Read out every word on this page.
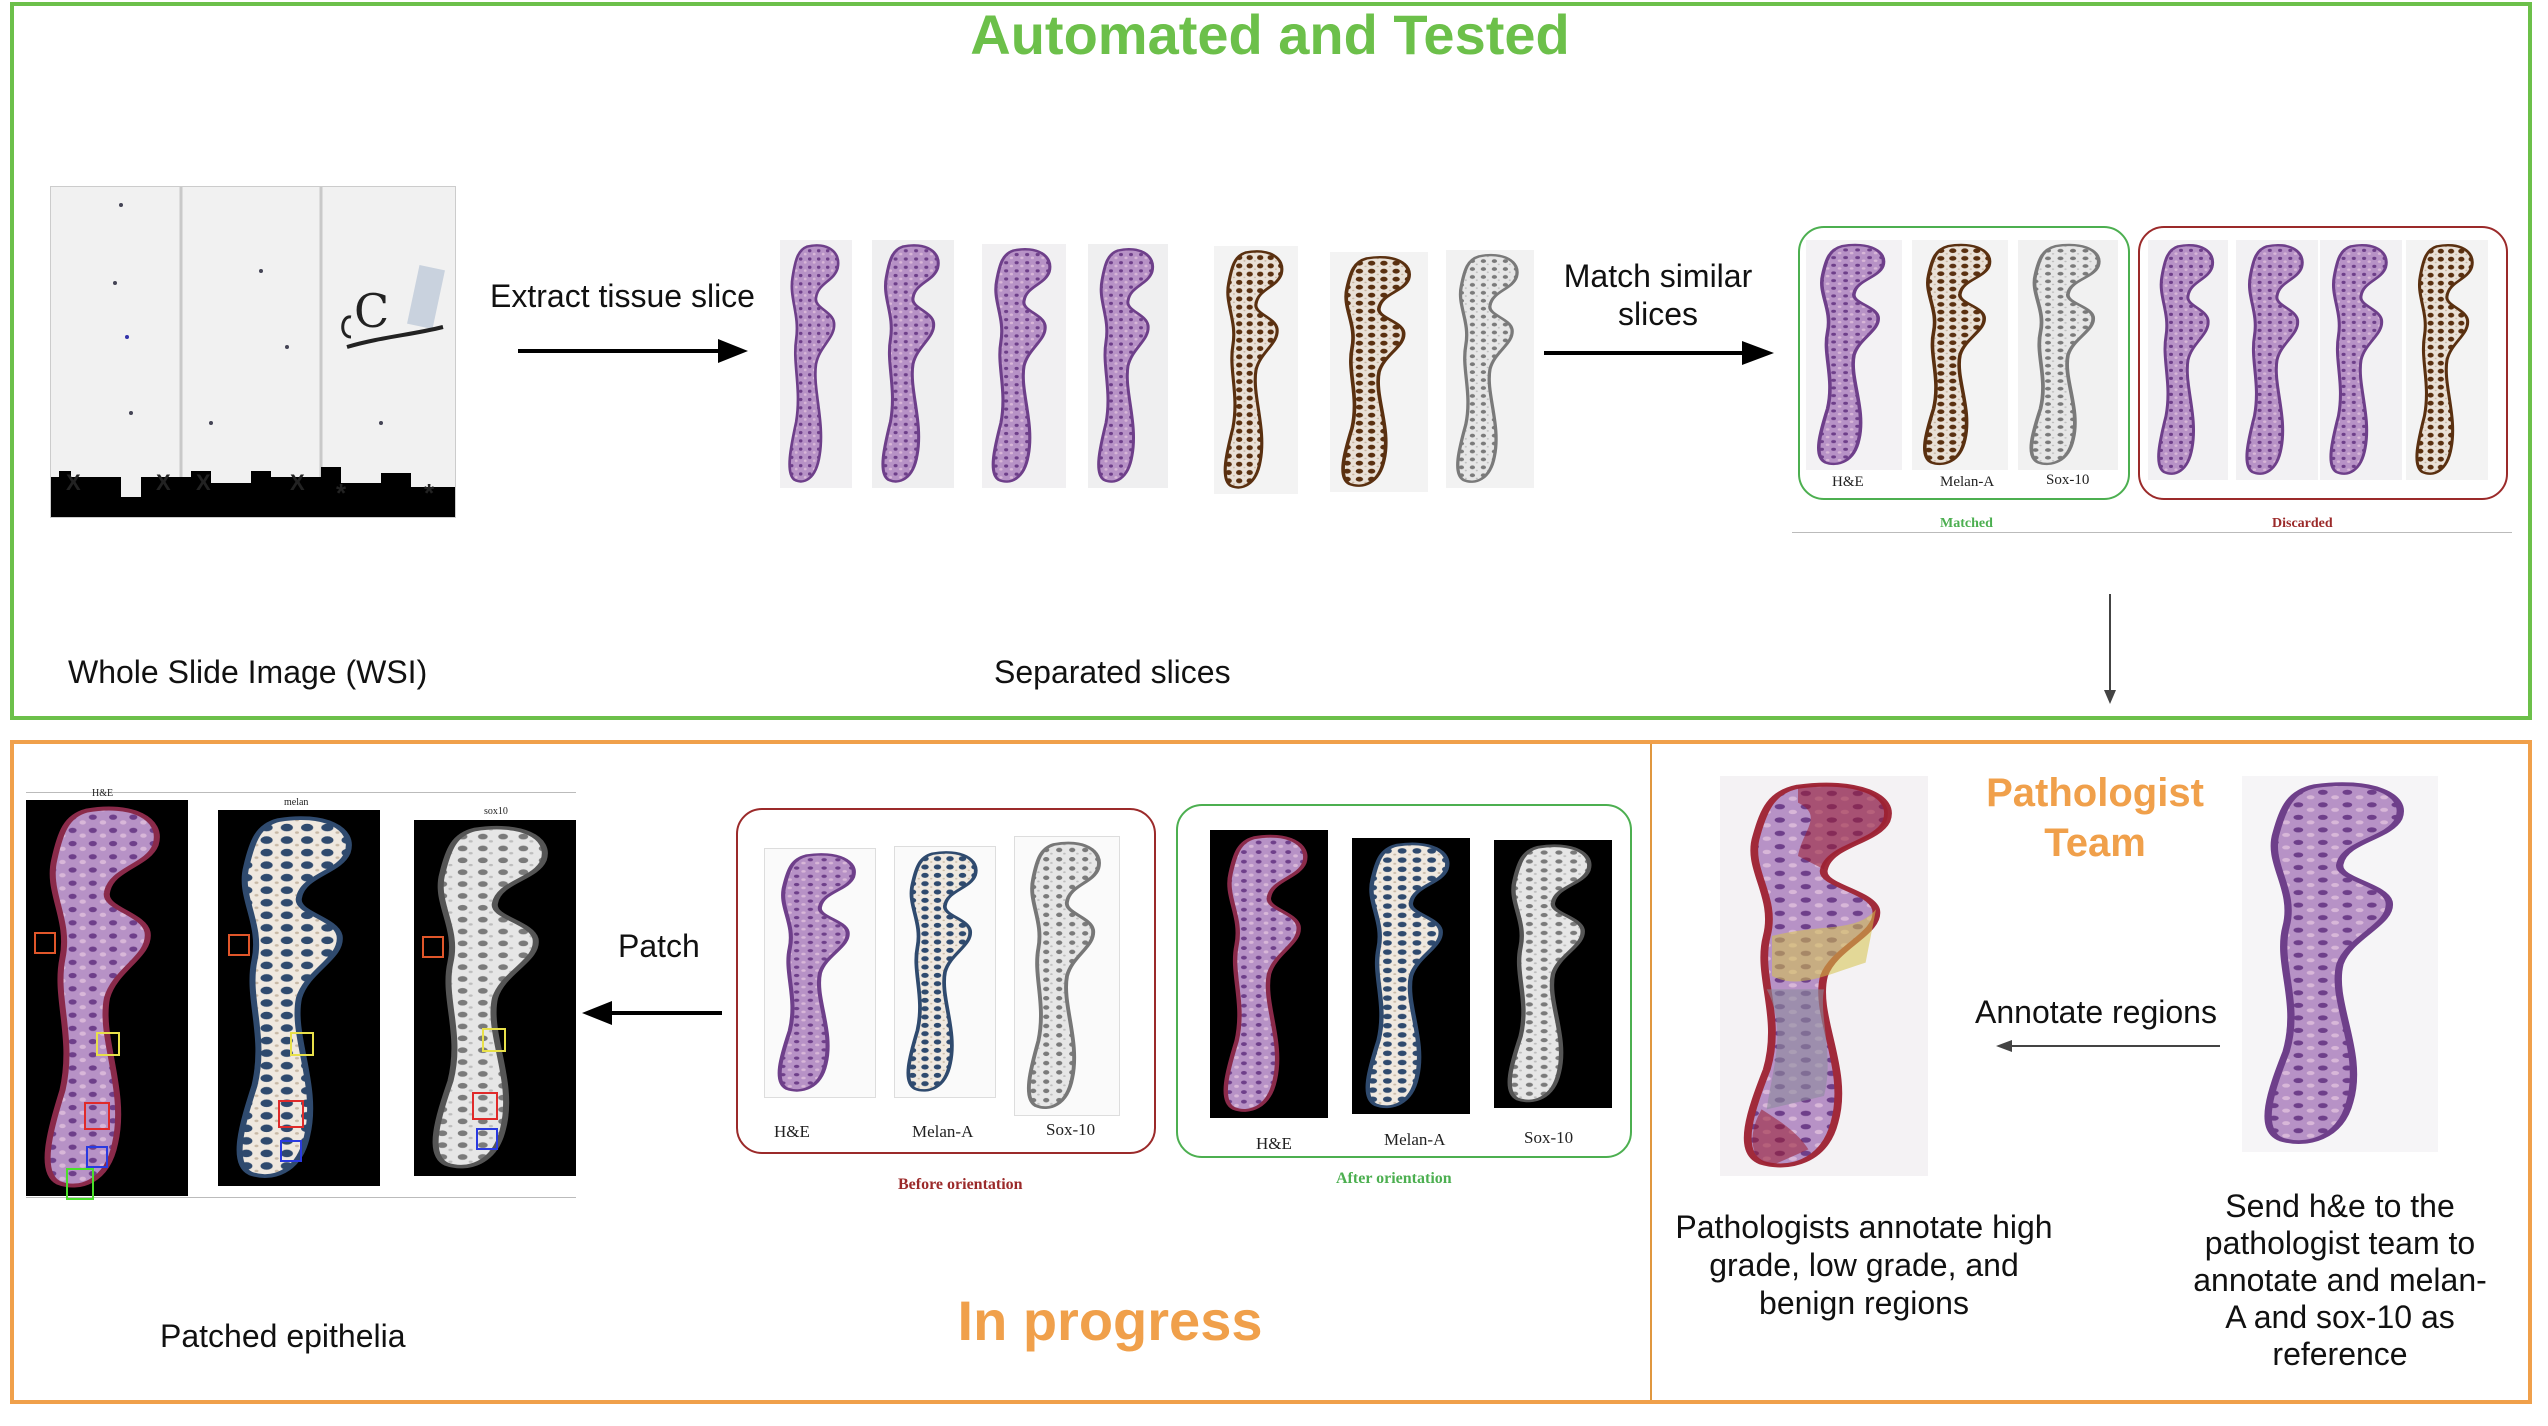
Automated and Tested
X	X X	X *	*
C
Whole Slide Image (WSI)
Extract tissue slice
Separated slices
Match similar
slices
H&E	Melan-A	Sox-10
Matched	Discarded
In progress
H&E
melan
sox10
Patched epithelia
Patch
H&E	Melan-A	Sox-10
Before orientation
H&E	Melan-A	Sox-10
After orientation
Pathologist Team
Annotate regions
Pathologists annotate high grade, low grade, and benign regions
Send h&e to the pathologist team to annotate and melan-A and sox-10 as reference
